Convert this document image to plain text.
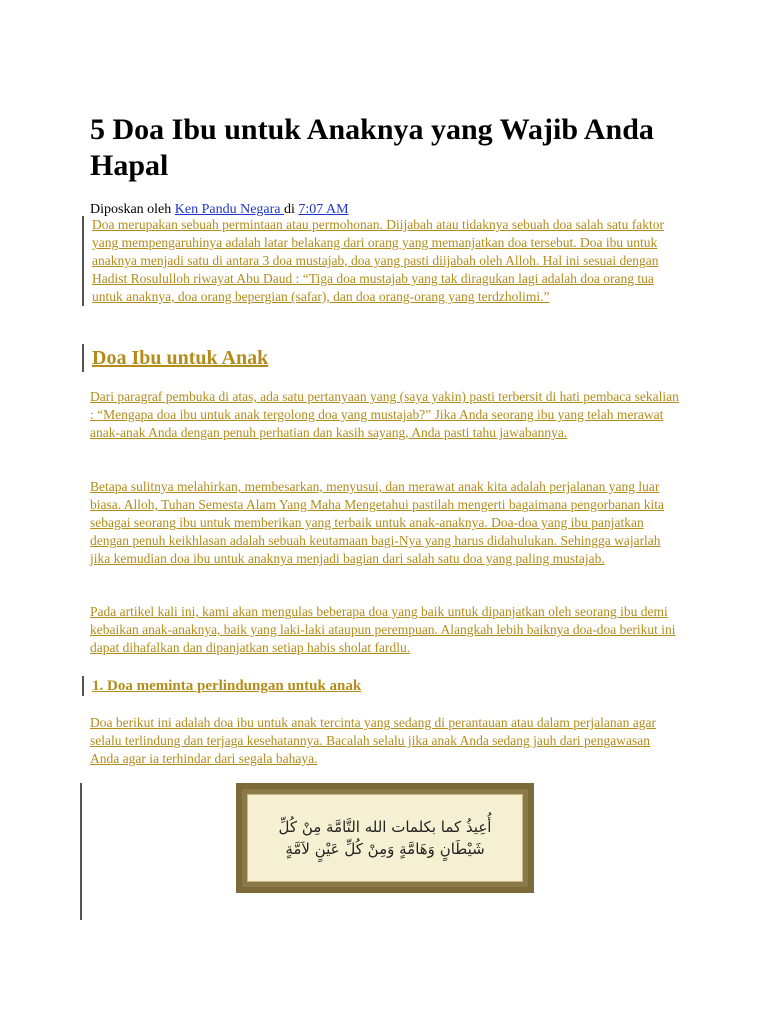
5 Doa Ibu untuk Anaknya yang Wajib Anda Hapal
Diposkan oleh Ken Pandu Negara di 7:07 AM
Doa merupakan sebuah permintaan atau permohonan. Diijabah atau tidaknya sebuah doa salah satu faktor yang mempengaruhinya adalah latar belakang dari orang yang memanjatkan doa tersebut. Doa ibu untuk anaknya menjadi satu di antara 3 doa mustajab, doa yang pasti diijabah oleh Alloh. Hal ini sesuai dengan Hadist Rosululloh riwayat Abu Daud : “Tiga doa mustajab yang tak diragukan lagi adalah doa orang tua untuk anaknya, doa orang bepergian (safar), dan doa orang-orang yang terdzholimi.”
Doa Ibu untuk Anak
Dari paragraf pembuka di atas, ada satu pertanyaan yang (saya yakin) pasti terbersit di hati pembaca sekalian : “Mengapa doa ibu untuk anak tergolong doa yang mustajab?” Jika Anda seorang ibu yang telah merawat anak-anak Anda dengan penuh perhatian dan kasih sayang, Anda pasti tahu jawabannya.
Betapa sulitnya melahirkan, membesarkan, menyusui, dan merawat anak kita adalah perjalanan yang luar biasa. Alloh, Tuhan Semesta Alam Yang Maha Mengetahui pastilah mengerti bagaimana pengorbanan kita sebagai seorang ibu untuk memberikan yang terbaik untuk anak-anaknya. Doa-doa yang ibu panjatkan dengan penuh keikhlasan adalah sebuah keutamaan bagi-Nya yang harus didahulukan. Sehingga wajarlah jika kemudian doa ibu untuk anaknya menjadi bagian dari salah satu doa yang paling mustajab.
Pada artikel kali ini, kami akan mengulas beberapa doa yang baik untuk dipanjatkan oleh seorang ibu demi kebaikan anak-anaknya, baik yang laki-laki ataupun perempuan. Alangkah lebih baiknya doa-doa berikut ini dapat dihafalkan dan dipanjatkan setiap habis sholat fardlu.
1. Doa meminta perlindungan untuk anak
Doa berikut ini adalah doa ibu untuk anak tercinta yang sedang di perantauan atau dalam perjalanan agar selalu terlindung dan terjaga kesehatannya. Bacalah selalu jika anak Anda sedang jauh dari pengawasan Anda agar ia terhindar dari segala bahaya.
أُعِيذُ كما بكلمات الله التَّامَّة مِنْ كُلِّ
شَيْطَانٍ وَهَامَّةٍ وَمِنْ كُلِّ عَيْنٍ لاَمَّةٍ
